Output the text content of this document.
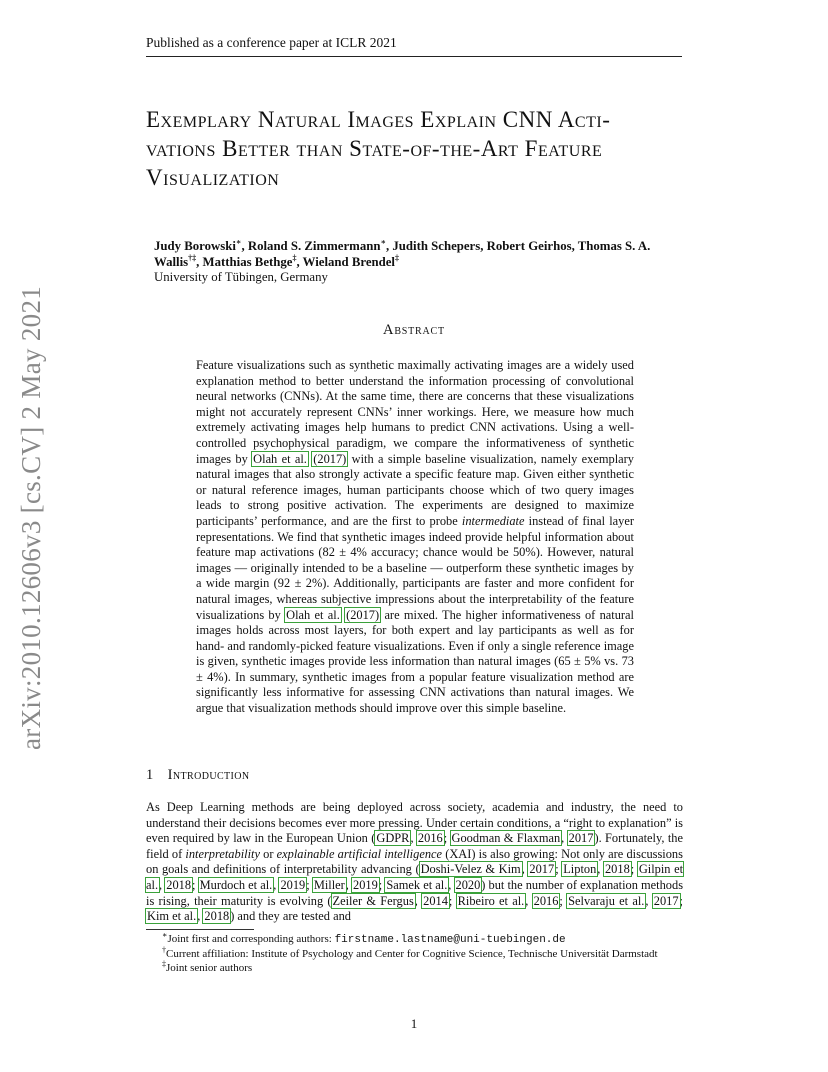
Published as a conference paper at ICLR 2021
arXiv:2010.12606v3 [cs.CV] 2 May 2021
Exemplary Natural Images Explain CNN Acti-
vations Better than State-of-the-Art Feature
Visualization
Judy Borowski∗, Roland S. Zimmermann∗, Judith Schepers, Robert Geirhos, Thomas S. A. Wallis†‡, Matthias Bethge‡, Wieland Brendel‡
University of Tübingen, Germany
Abstract

Feature visualizations such as synthetic maximally activating images are a widely used explanation method to better understand the information processing of convolutional neural networks (CNNs). At the same time, there are concerns that these visualizations might not accurately represent CNNs’ inner workings. Here, we measure how much extremely activating images help humans to predict CNN activations. Using a well-controlled psychophysical paradigm, we compare the informativeness of synthetic images by Olah et al. (2017) with a simple baseline visualization, namely exemplary natural images that also strongly activate a specific feature map. Given either synthetic or natural reference images, human participants choose which of two query images leads to strong positive activation. The experiments are designed to maximize participants’ performance, and are the first to probe intermediate instead of final layer representations. We find that synthetic images indeed provide helpful information about feature map activations (82 ± 4% accuracy; chance would be 50%). However, natural images — originally intended to be a baseline — outperform these synthetic images by a wide margin (92 ± 2%). Additionally, participants are faster and more confident for natural images, whereas subjective impressions about the interpretability of the feature visualizations by Olah et al. (2017) are mixed. The higher informativeness of natural images holds across most layers, for both expert and lay participants as well as for hand- and randomly-picked feature visualizations. Even if only a single reference image is given, synthetic images provide less information than natural images (65 ± 5% vs. 73 ± 4%). In summary, synthetic images from a popular feature visualization method are significantly less informative for assessing CNN activations than natural images. We argue that visualization methods should improve over this simple baseline.

1 Introduction

As Deep Learning methods are being deployed across society, academia and industry, the need to understand their decisions becomes ever more pressing. Under certain conditions, a “right to explanation” is even required by law in the European Union (GDPR, 2016; Goodman & Flaxman, 2017). Fortunately, the field of interpretability or explainable artificial intelligence (XAI) is also growing: Not only are discussions on goals and definitions of interpretability advancing (Doshi-Velez & Kim, 2017; Lipton, 2018; Gilpin et al., 2018; Murdoch et al., 2019; Miller, 2019; Samek et al., 2020) but the number of explanation methods is rising, their maturity is evolving (Zeiler & Fergus, 2014; Ribeiro et al., 2016; Selvaraju et al., 2017; Kim et al., 2018) and they are tested and

∗Joint first and corresponding authors: firstname.lastname@uni-tuebingen.de

†Current affiliation: Institute of Psychology and Center for Cognitive Science, Technische Universität Darmstadt

‡Joint senior authors

1
